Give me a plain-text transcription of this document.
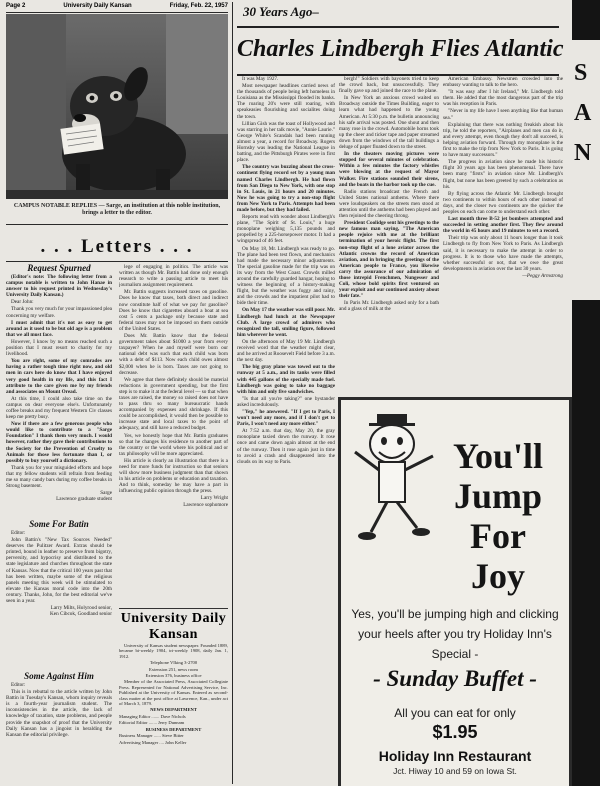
Page 2	University Daily Kansan	Friday, Feb. 22, 1957
CAMPUS NOTABLE REPLIES — Sarge, an institution at this noble institution, brings a letter to the editor.
. . . Letters . . .
Request Spurned

(Editor's note: The following letter from a campus notable is written to John Hanae in answer to his request printed in Wednesday's University Daily Kansan.)

Dear John:

Thank you very much for your impassioned plea concerning my welfare.

I must admit that it's not as easy to get around as it used to be but old age is a problem that we all must face.

However, I know by no means reached such a position that I must resort to charity for my livelihood.

You are right, some of my comrades are having a rather tough time right now, and old men in cars here do know that I have enjoyed very good health in my life, and this fact I attribute to the care given me by my friends and associates on Mount Oread.

At this time, I could also take time on the campus on dear everyone else's. Unfortunately coffee breaks and my frequent Western Civ classes keep me pretty busy.

Now if there are a few generous people who would like to contribute to a "Sarge Foundation" I thank them very much. I would however, rather they gave their contributions to the Society for the Prevention of Cruelty to Animals for those less fortunate than I, or possibly to buy yourself a dictionary.

Thank you for your misguided efforts and hope that my fellow students will refrain from feeding me so many candy bars during my coffee breaks in Strong basement.

Sarge
Lawrence graduate student
Some For Batin

Editor:

John Battin's "New Tax Sources Needed" deserves the Pulitzer Award. Extras should be printed, bound in leather to preserve from bigotry, perversity, and hypocrisy and distributed to the state legislature and churches throughout the state of Kansas. Now that the critical 100 years past that has been written, maybe some of the religious panels meeting this week will be stimulated to elevate the Kansas moral code into the 20th century. Thanks, John, for the best editorial we've seen in a year.

Larry Milts, Holyrood senior,
Ken Cibcok, Goodland senior
Some Against Him

Editor:

This is in rebuttal to the article written by John Battin in Tuesday's Kansan, whom inquiry reveals is a fourth-year journalism student. The inconsistencies in the article, the lack of knowledge of taxation, state problems, and people provide the snapshot of proof that the University Daily Kansan has a jingoist in heralding the Kansan the editorial privilege.

lege of engaging in politics. The article was written as though Mr. Battin had done only enough research to write a passing article to meet his journalism assignment requirement.

Mr. Battin suggests increased taxes on gasoline. Does he know that taxes, both direct and indirect now constitute half of what we pay for gasoline? Does he know that cigarettes aboard a boat at sea cost 5 cents a package only because state and federal taxes may not be imposed on them outside of the United States.

Does Mr. Battin know that the federal government takes about $1000 a year from every taxpayer? When he and myself were born our national debt was such that each child was born with a debt of $113. Now each child owes almost $2,000 when he is born. Taxes are not going to decrease.

We agree that there definitely should be material reductions in government spending, but the first step is to make it at the federal level — so that when taxes are raised, the money so raised does not have to pass thru so many bureaucratic hands accompanied by expenses and shrinkage. If this could be accomplished, it would then be possible to increase state and local taxes to the point of adequacy, and still have a reduced budget.

Yes, we honestly hope that Mr. Battin graduates so that he changes his residence to another part of the country or the world where his political and or tax philosophy will be more appreciated.

His article is clearly an illustration that there is a need for more funds for instruction so that seniors will show more business judgment than that shown in his article on problems or education and taxation. And to think, someday he may have a part in influencing public opinion through the press.

Larry Wright
Lawrence sophomore
University Daily Kansan

University of Kansas student newspaper. Founded 1889, became bi-weekly 1904, tri-weekly 1908, daily Jan. 1, 1912.

Telephone VIking 3-2700

Extension 251, news room

Extension 376, business office

Member of the Associated Press, Associated Collegiate Press. Represented for National Advertising Service, Inc. Published at the University of Kansas. Entered as second-class matter at the post office at Lawrence, Kan., under act of March 3, 1879.

NEWS DEPARTMENT

Managing Editor ....... Dave Nichols

Editorial Editor ....... Jerry Dunnam

BUSINESS DEPARTMENT

Business Manager ...... Steve Bitter

Advertising Manager .... John Keller

30 Years Ago–
Charles Lindbergh Flies Atlantic

It was May 1927.

Most newspaper headlines carried news of the thousands of people being left homeless in Louisiana as the Mississippi flooded its banks. The roaring 20's were still roaring, with speakeasies flourishing and socialites doing the town.

Lillian Gish was the toast of Hollywood and was starring in her talk movie, "Annie Laurie." George White's Scandals had been running almost a year, a record for Broadway. Rogers Hornsby was leading the National League in batting, and the Pittsburgh Pirates were in first place.

The country was buzzing about the cross-continent flying record set by a young man named Charles Lindbergh. He had flown from San Diego to New York, with one stop in St. Louis, in 21 hours and 20 minutes. Now he was going to try a non-stop flight from New York to Paris. Attempts had been made before, but they had failed.

Reports read with wonder about Lindbergh's plane, "The Spirit of St. Louis," a huge monoplane weighing 5,135 pounds and propelled by a 225-horsepower motor. It had a wingspread of 46 feet.

On May 18, Mr. Lindbergh was ready to go. The plane had been test flown, and mechanics had made the necessary minor adjustments. The special gasoline made for the trip was on its way from the West Coast. Crowds milled around the carefully guarded hangar, hoping to witness the beginning of a history-making flight, but the weather was foggy and rainy, and the crowds and the impatient pilot had to bide their time.

On May 17 the weather was still poor. Mr. Lindbergh had lunch at the Newspaper Club. A large crowd of admirers who recognized the tall, smiling figure, followed him wherever he went.

On the afternoon of May 19 Mr. Lindbergh received word that the weather might clear, and he arrived at Roosevelt Field before 3 a.m. the next day.

The big gray plane was towed out to the runway at 5 a.m., and its tanks were filled with 445 gallons of the specially made fuel. Lindbergh was going to take no baggage with him and only five sandwiches.

"Is that all you're taking?" one bystander asked incredulously.

"Yep," he answered. "If I get to Paris, I won't need any more, and if I don't get to Paris, I won't need any more either."

At 7:52 a.m. that day, May 20, the gray monoplane taxied down the runway. It rose once and came down again almost at the end of the runway. Then it rose again just in time to avoid a crash and disappeared into the clouds on its way to Paris.

bergh!" Soldiers with bayonets tried to keep the crowd back, but unsuccessfully. They finally gave up and joined the race to the plane.

In New York an anxious crowd waited on Broadway outside the Times Building, eager to learn what had happened to the young American. At 5:30 p.m. the bulletin announcing his safe arrival was posted. One shout and then many rose in the crowd. Automobile horns took up the cheer and ticker tape and paper streamed down from the windows of the tall buildings a deluge of paper floated down to the street.

In the theaters moving pictures were stopped for several minutes of celebration. Within a few minutes the factory whistles were blowing at the request of Mayor Walker. Fire stations sounded their sirens, and the boats in the harbor took up the cue.

Radio stations broadcast the French and United States national anthems. Where there were loudspeakers on the streets men stood at attention until the anthems had been played and then rejoined the cheering throng.

President Coolidge sent his greetings to the new famous man saying, "The American people rejoice with me at the brilliant termination of your heroic flight. The first non-stop flight of a lone aviator across the Atlantic crowns the record of American aviation, and in bringing the greetings of the American people to France, you likewise carry the assurance of our admiration of those intrepid Frenchmen, Nungesser and Coli, whose bold spirits first ventured on your exploit and our continued anxiety about their fate."

In Paris Mr. Lindbergh asked only for a bath and a glass of milk at the

American Embassy. Newsmen crowded into the embassy wanting to talk to the hero.

"It was easy after I hit Ireland," Mr. Lindbergh told them. He added that the most dangerous part of the trip was his reception in Paris.

"Never in my life have I seen anything like that human sea."

Explaining that there was nothing freakish about his trip, he told the reporters, "Airplanes and men can do it, and every attempt, even though they don't all succeed, is helping aviation forward. Through my monoplane is the first to make the trip from New York to Paris. It is going to have many successors."

The progress in aviation since he made his historic flight 30 years ago has been phenomenal. There have been many "firsts" in aviation since Mr. Lindbergh's flight, but none has been greeted by such a celebration as his.

By flying across the Atlantic Mr. Lindbergh brought two continents to within hours of each other instead of days, and the closer two continents are the quicker the peoples on each can come to understand each other.

Last month three B-52 jet bombers attempted and succeeded in setting another first. They flew around the world in 45 hours and 19 minutes to set a record.

Their trip was only about 11 hours longer than it took Lindbergh to fly from New York to Paris. As Lindbergh said, it is necessary to make the attempt in order to progress. It is to those who have made the attempts, whether successful or not, that we owe the great developments in aviation over the last 30 years.

—Peggy Armstrong
You'll
Jump
For
Joy
Yes, you'll be jumping high and clicking your heels after you try Holiday Inn's Special -
- Sunday Buffet -
All you can eat for only
$1.95
Holiday Inn Restaurant
Jct. Hiway 10 and 59 on Iowa St.
S
A
N
